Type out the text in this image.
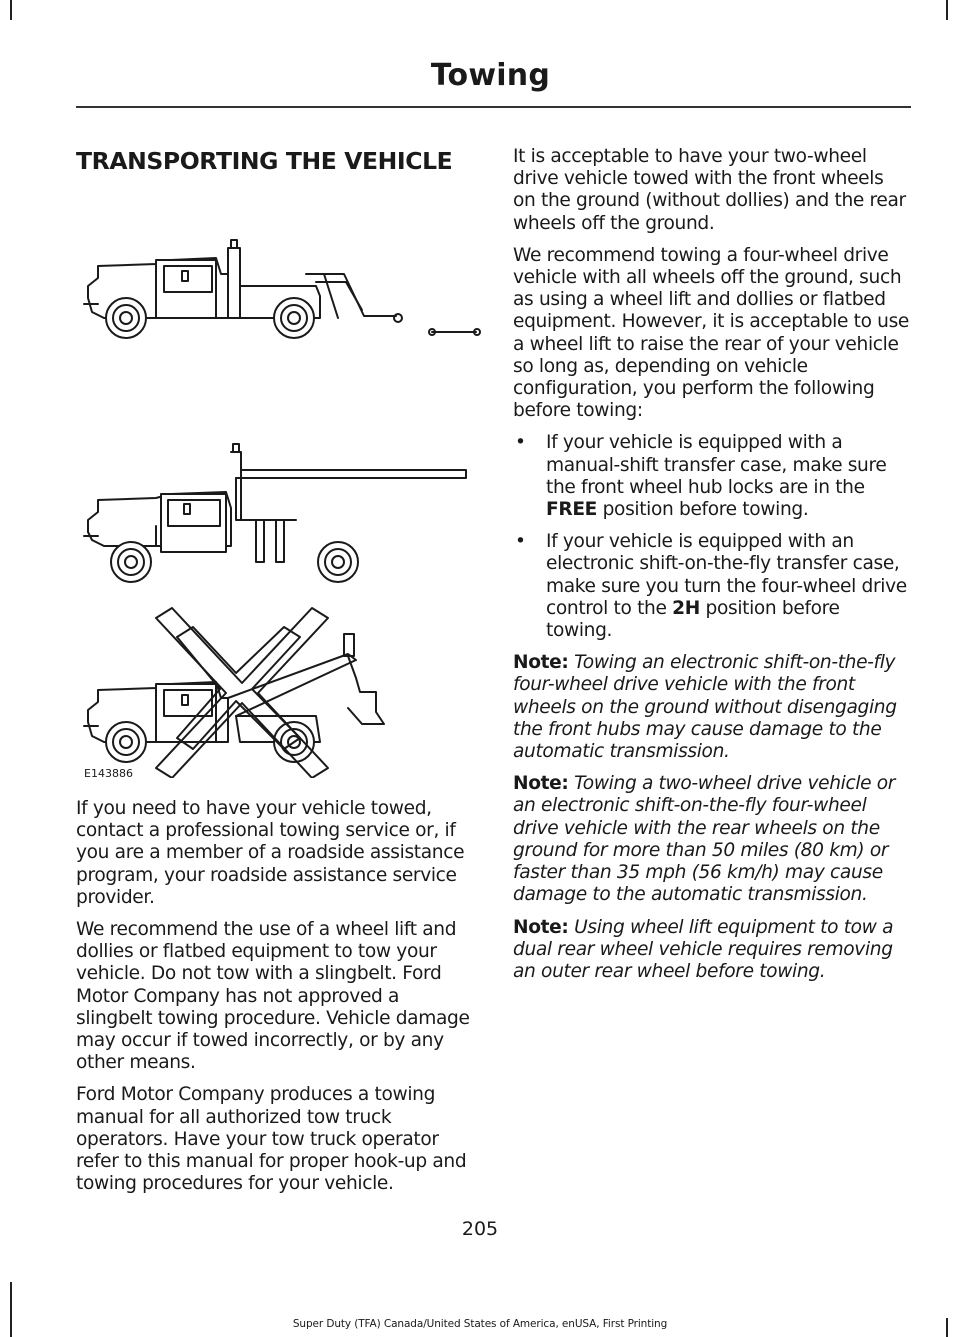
Towing
TRANSPORTING THE VEHICLE
E143886

If you need to have your vehicle towed, contact a professional towing service or, if you are a member of a roadside assistance program, your roadside assistance service provider.

We recommend the use of a wheel lift and dollies or flatbed equipment to tow your vehicle. Do not tow with a slingbelt. Ford Motor Company has not approved a slingbelt towing procedure. Vehicle damage may occur if towed incorrectly, or by any other means.

Ford Motor Company produces a towing manual for all authorized tow truck operators. Have your tow truck operator refer to this manual for proper hook-up and towing procedures for your vehicle.

It is acceptable to have your two-wheel drive vehicle towed with the front wheels on the ground (without dollies) and the rear wheels off the ground.

We recommend towing a four-wheel drive vehicle with all wheels off the ground, such as using a wheel lift and dollies or flatbed equipment. However, it is acceptable to use a wheel lift to raise the rear of your vehicle so long as, depending on vehicle configuration, you perform the following before towing:

• If your vehicle is equipped with a manual-shift transfer case, make sure the front wheel hub locks are in the FREE position before towing.
• If your vehicle is equipped with an electronic shift-on-the-fly transfer case, make sure you turn the four-wheel drive control to the 2H position before towing.

Note: Towing an electronic shift-on-the-fly four-wheel drive vehicle with the front wheels on the ground without disengaging the front hubs may cause damage to the automatic transmission.

Note: Towing a two-wheel drive vehicle or an electronic shift-on-the-fly four-wheel drive vehicle with the rear wheels on the ground for more than 50 miles (80 km) or faster than 35 mph (56 km/h) may cause damage to the automatic transmission.

Note: Using wheel lift equipment to tow a dual rear wheel vehicle requires removing an outer rear wheel before towing.

205
Super Duty (TFA) Canada/United States of America, enUSA, First Printing
